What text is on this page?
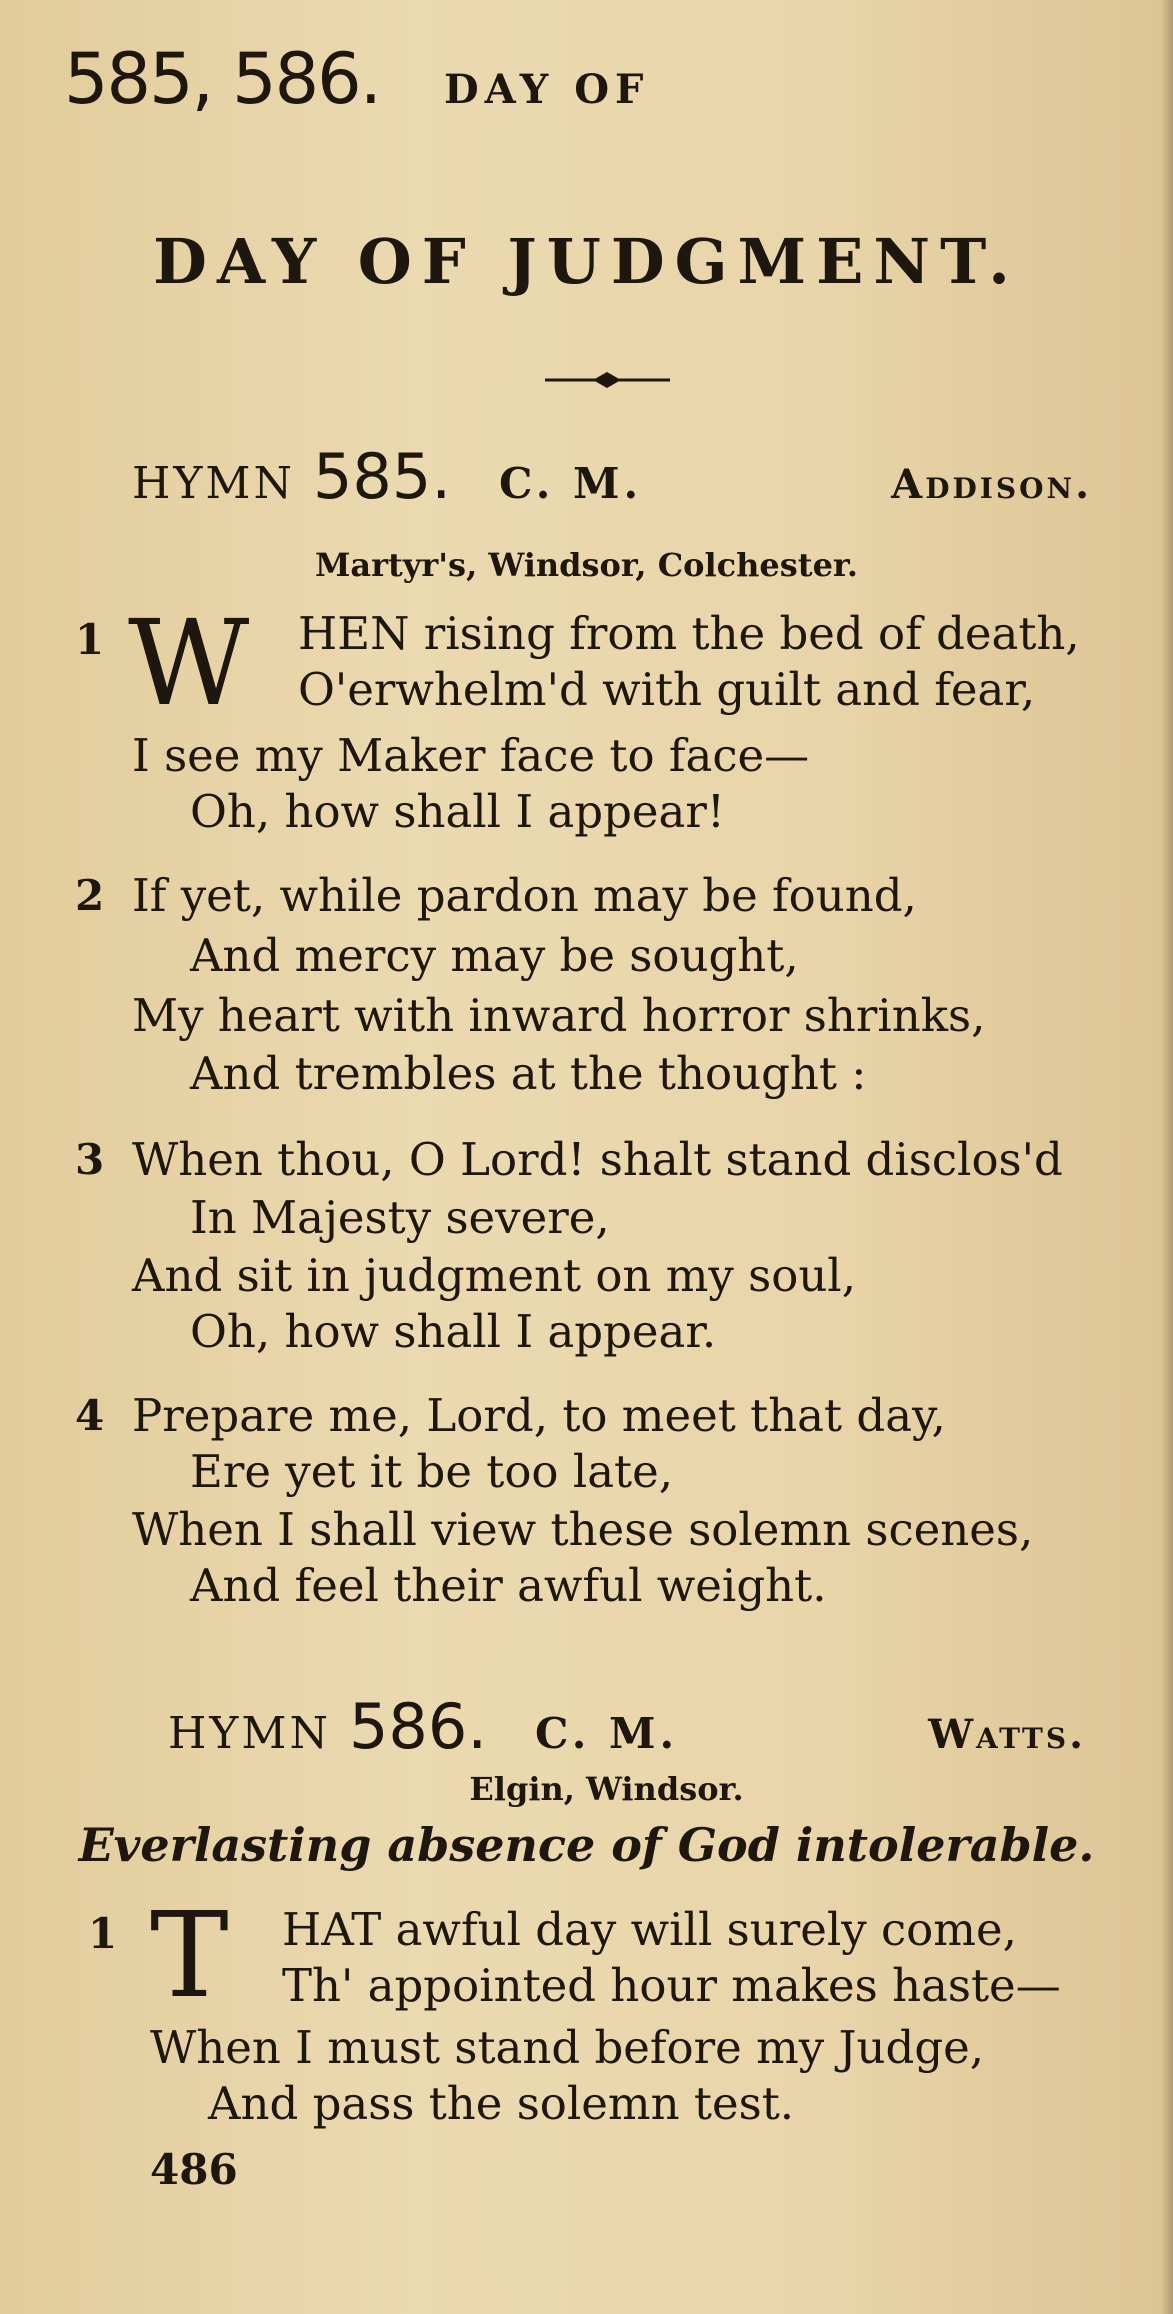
585, 586. DAY OF
DAY OF JUDGMENT.
HYMN 585. C. M.	Addison.
Martyr's, Windsor, Colchester.
1 W HEN rising from the bed of death,
O'erwhelm'd with guilt and fear,
I see my Maker face to face—
Oh, how shall I appear!
2 If yet, while pardon may be found,
And mercy may be sought,
My heart with inward horror shrinks,
And trembles at the thought :
3 When thou, O Lord! shalt stand disclos'd
In Majesty severe,
And sit in judgment on my soul,
Oh, how shall I appear.
4 Prepare me, Lord, to meet that day,
Ere yet it be too late,
When I shall view these solemn scenes,
And feel their awful weight.
HYMN 586. C. M.	Watts.
Elgin, Windsor.
Everlasting absence of God intolerable.
1 T HAT awful day will surely come,
Th' appointed hour makes haste—
When I must stand before my Judge,
And pass the solemn test.
486
